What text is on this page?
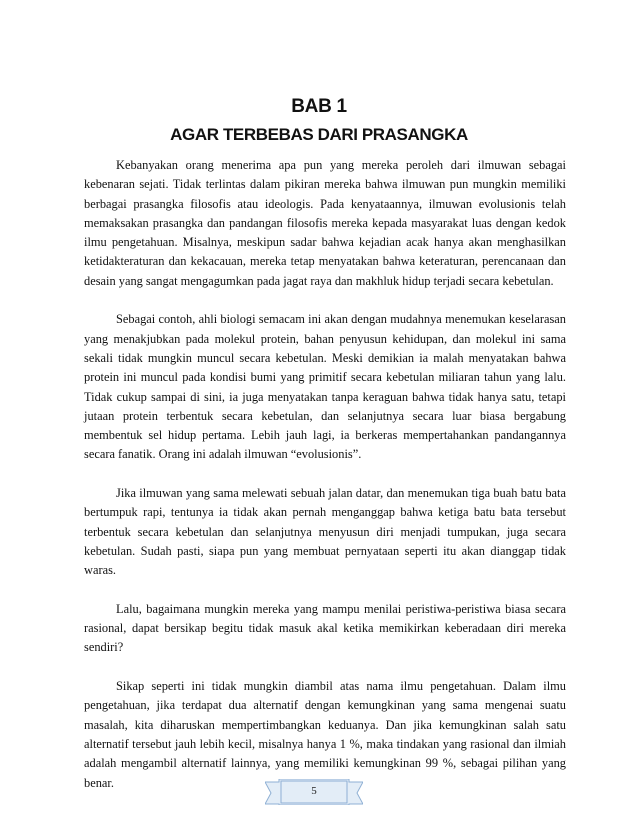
BAB 1
AGAR TERBEBAS DARI PRASANGKA

Kebanyakan orang menerima apa pun yang mereka peroleh dari ilmuwan sebagai kebenaran sejati. Tidak terlintas dalam pikiran mereka bahwa ilmuwan pun mungkin memiliki berbagai prasangka filosofis atau ideologis. Pada kenyataannya, ilmuwan evolusionis telah memaksakan prasangka dan pandangan filosofis mereka kepada masyarakat luas dengan kedok ilmu pengetahuan. Misalnya, meskipun sadar bahwa kejadian acak hanya akan menghasilkan ketidakteraturan dan kekacauan, mereka tetap menyatakan bahwa keteraturan, perencanaan dan desain yang sangat mengagumkan pada jagat raya dan makhluk hidup terjadi secara kebetulan.

Sebagai contoh, ahli biologi semacam ini akan dengan mudahnya menemukan keselarasan yang menakjubkan pada molekul protein, bahan penyusun kehidupan, dan molekul ini sama sekali tidak mungkin muncul secara kebetulan. Meski demikian ia malah menyatakan bahwa protein ini muncul pada kondisi bumi yang primitif secara kebetulan miliaran tahun yang lalu. Tidak cukup sampai di sini, ia juga menyatakan tanpa keraguan bahwa tidak hanya satu, tetapi jutaan protein terbentuk secara kebetulan, dan selanjutnya secara luar biasa bergabung membentuk sel hidup pertama. Lebih jauh lagi, ia berkeras mempertahankan pandangannya secara fanatik. Orang ini adalah ilmuwan “evolusionis”.

Jika ilmuwan yang sama melewati sebuah jalan datar, dan menemukan tiga buah batu bata bertumpuk rapi, tentunya ia tidak akan pernah menganggap bahwa ketiga batu bata tersebut terbentuk secara kebetulan dan selanjutnya menyusun diri menjadi tumpukan, juga secara kebetulan. Sudah pasti, siapa pun yang membuat pernyataan seperti itu akan dianggap tidak waras.

Lalu, bagaimana mungkin mereka yang mampu menilai peristiwa-peristiwa biasa secara rasional, dapat bersikap begitu tidak masuk akal ketika memikirkan keberadaan diri mereka sendiri?

Sikap seperti ini tidak mungkin diambil atas nama ilmu pengetahuan. Dalam ilmu pengetahuan, jika terdapat dua alternatif dengan kemungkinan yang sama mengenai suatu masalah, kita diharuskan mempertimbangkan keduanya. Dan jika kemungkinan salah satu alternatif tersebut jauh lebih kecil, misalnya hanya 1 %, maka tindakan yang rasional dan ilmiah adalah mengambil alternatif lainnya, yang memiliki kemungkinan 99 %, sebagai pilihan yang benar.

5
